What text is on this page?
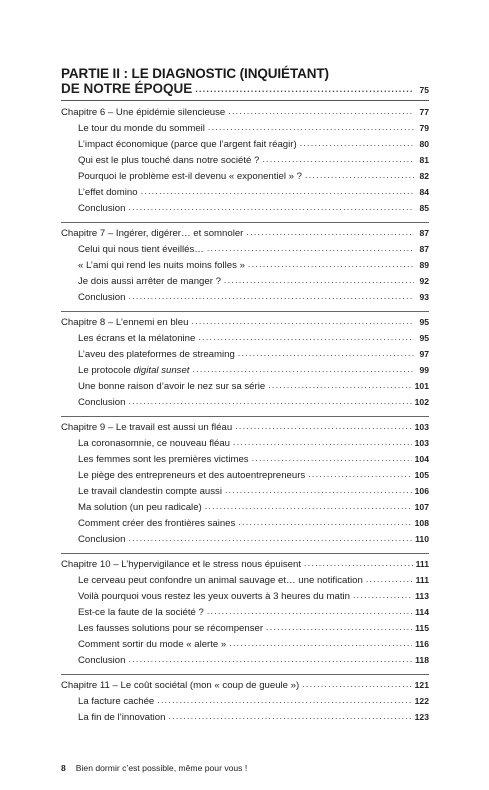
PARTIE II : LE DIAGNOSTIC (INQUIÉTANT)
DE NOTRE ÉPOQUE .....	75
Chapitre 6 – Une épidémie silencieuse .....	77
Le tour du monde du sommeil .....	79
L’impact économique (parce que l’argent fait réagir) .....	80
Qui est le plus touché dans notre société ? .....	81
Pourquoi le problème est-il devenu « exponentiel » ? .....	82
L’effet domino .....	84
Conclusion .....	85
Chapitre 7 – Ingérer, digérer… et somnoler .....	87
Celui qui nous tient éveillés… .....	87
« L’ami qui rend les nuits moins folles » .....	89
Je dois aussi arrêter de manger ? .....	92
Conclusion .....	93
Chapitre 8 – L’ennemi en bleu .....	95
Les écrans et la mélatonine .....	95
L’aveu des plateformes de streaming .....	97
Le protocole digital sunset .....	99
Une bonne raison d’avoir le nez sur sa série .....	101
Conclusion .....	102
Chapitre 9 – Le travail est aussi un fléau .....	103
La coronasomnie, ce nouveau fléau .....	103
Les femmes sont les premières victimes .....	104
Le piège des entrepreneurs et des autoentrepreneurs .....	105
Le travail clandestin compte aussi .....	106
Ma solution (un peu radicale) .....	107
Comment créer des frontières saines .....	108
Conclusion .....	110
Chapitre 10 – L’hypervigilance et le stress nous épuisent .....	111
Le cerveau peut confondre un animal sauvage et… une notification .....	111
Voilà pourquoi vous restez les yeux ouverts à 3 heures du matin .....	113
Est-ce la faute de la société ? .....	114
Les fausses solutions pour se récompenser .....	115
Comment sortir du mode « alerte » .....	116
Conclusion .....	118
Chapitre 11 – Le coût sociétal (mon « coup de gueule ») .....	121
La facture cachée .....	122
La fin de l’innovation .....	123
8 Bien dormir c’est possible, même pour vous !
